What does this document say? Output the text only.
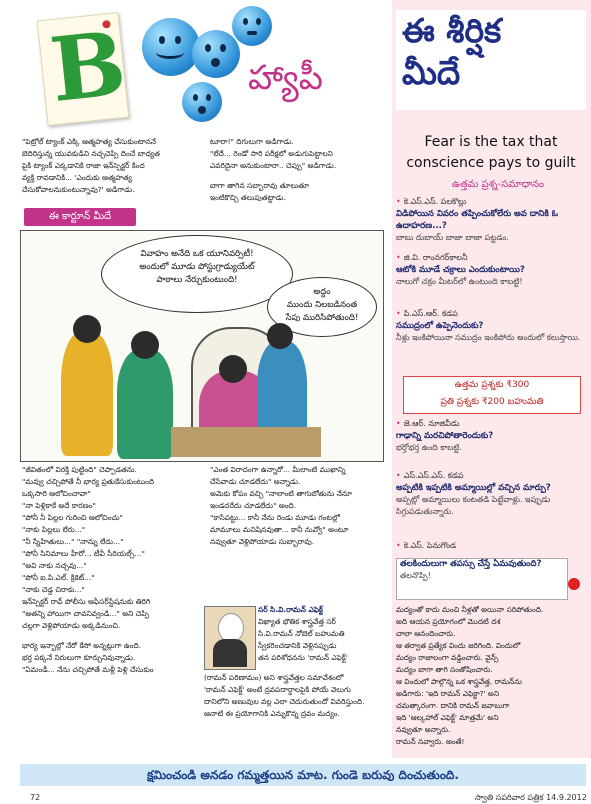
B	హ్యాపీ
ఈ శీర్షిక
మీదే
Fear is the tax that
conscience pays to guilt
ఉత్తమ ప్రశ్న-సమాధానం
• కె.ఎస్.ఎస్. పలకొల్లు
విడిపోయిన వివరం తప్పించుకోలేరు అవ దానికి ఓ ఉదాహరణ...?
బాబు దుబాయ్ బాజా బాజా పట్టడం.
• జి.వి. రాంనగర్‌కాలనీ
ఆటోకి మూడే చక్రాలు ఎందుకుంటాయి?
నాలుగో చక్రం మీటర్‌లో ఉంటుంది కాబట్టి!
• పి.ఎస్.ఆర్. కడప
సముద్రంలో ఉప్పెనెందుకు?
నీళ్లు ఇంకిపోయినా సముద్రం ఇంకిపోదు అందులో కలుస్తాయి.
ఉత్తమ ప్రశ్నకు ₹300
ప్రతి ప్రశ్నకు ₹200 బహుమతి
• జె.ఆర్. నూజివీడు
గాఢాన్ని మరచిపోతారెందుకు?
భర్తోభర్త ఉంది కాబట్టి.
• ఎస్.ఎస్.ఎస్. కడప
అప్పటికి ఇప్పటికి అమ్మాయిల్లో వచ్చిన మార్పు?
అప్పట్లో అమ్మాయిలు కంటతడి పెట్టేవాళ్లు. ఇప్పుడు సిగ్గుపడుతున్నారు.
• కె.ఎస్. పెనుగొండ
తలకిందులుగా తపస్సు చేస్తే ఏమవుతుంది?
తలనొప్పి!
"పెట్రోల్ ట్యాంక్ ఎక్కి ఆత్మహత్య చేసుకుంటాననే
బెదిరిస్తున్న యువకుడిని నచ్చచెప్పి దించే బాధ్యత
పైకి ట్యాంక్ ఎక్కడానికి రాజా ఇన్‌స్పెక్టర్ కింద
వ్యక్తి రావడానికి... 'ఎందుకు ఆత్మహత్య
చేసుకోవాలనుకుంటున్నావు?' అడిగాడు.
టూరా!" దిగులుగా అడిగాడు.
"లేదే... రెండో సారి పరీక్షలో అడుగుపెట్టాలని
ఎవరిదైనా అనుకుంటారా.. చెప్పు" అడిగాడు.
బాగా తాగిన సబ్బారావు తూలుతూ
ఇంటికొచ్చి తలుపుతట్టాడు.
ఈ కార్టూన్ మీదే
వివాహం అనేది ఒక యూనివర్సిటీ!
అందులో మూడు పోస్టుగ్రాడ్యుయేట్
పాఠాలు నేర్చుకుంటుంది!
అద్దం
ముందు నిలబడినంత
సేపు మురిసిపోతుంది!
"జీవితంలో విరక్తి పుట్టింది" చెప్పాడతను.
"మవ్వు చచ్చిపోతే నీ భార్య ప్రతుకేసుకుంటుంది
ఒక్కసారి ఆలోచించావా"
"నా పెళ్లికాకే అదే కారణం"
"పోనీ నీ పిల్లల గురించి ఆలోచించు"
"నాకు పిల్లలు లేరు..."
"నీ స్నేహితులు..." "నాన్ను లేదు..."
"పోనీ సినిమాలు హీరో... టీవీ సీరియల్స్..."
"అవి నాకు నచ్చవు..."
"పోనీ ఐ.పి.ఎల్. క్రికెట్..."
"నాకు చెడ్డ చిరాకు..."
ఇన్‌స్పెక్టర్ రావ్ పోలీసు ఆఫీసర్‌స్టేషనుకు తిరిగి
"అతన్ని హాయిగా చావనివ్వండి..." అని చెప్పి
చల్లగా వెళ్లిపోయాడు అక్కడినుంచి.
భార్య ఇన్బాల్లో నేరో కేసో అన్నట్లుగా ఉంది.
భర్త పక్కనే నిరులుగా కూర్చునివున్నాడు.
"ఏమండీ... నేను చచ్చిపోతే మళ్లీ పెళ్లి చేసుకుం
"ఎంత విరాదంగా ఉన్నారో... మీలాంటి ముఖాన్ని
చేసేవాడు చూడలేదు" అన్నాడు.
అమెకు కోపం వచ్చి "నాలాంటి తాగుబోతును నేనూ
ఇండదరేదు చూడలేదు" అంది.
"కాసేపట్టు... కానీ నేను రెండు మూడు గంటల్లో
మామూలు మనిషినవుతా... కానీ నువ్వో" అంటూ
నవ్వుతూ వెళ్లిపోయాడు సుబ్బారావు.
సర్ సి.వి.రామన్ ఎఫెక్ట్
విఖ్యాత భౌతిక శాస్త్రవేత్త సర్
సి.వి.రామన్ నోబెల్ బహుమతి
స్వీకరించడానికి వెళ్లినప్పుడు
తన పరిశోధనను 'రామన్ ఎఫెక్ట్'
(రామన్ పరిణామం) అని శాస్త్రవేత్తల సమావేశంలో
'రామన్ ఎఫెక్ట్' అంటే ద్రవపదార్థాలపైకి పోయే వెలుగు
దానిలోని అణువుల వల్ల ఎలా చెదురుతుందో వివరిస్తుంది.
ఆనాటి ఈ ప్రయోగానికి ఎన్నుకొన్న ద్రవం మద్యం.
మద్యంతో కాదు మంచి నీళ్లతో అయినా సరిపోతుంది.
అది ఆయన ప్రయోగంలో మొదటి దశ
చాలా ఆనందించారు.
ఆ తర్వాత ప్రత్యేక విందు జరిగింది. విందులో
మద్యం రాజాలంగా వడ్డించారు. వైన్స్
మద్యం బాగా తాగి సంతోషించారు.
ఆ విందులో పాల్గొన్న ఒక శాస్త్రవేత్త, రామన్‌ను
అడిగారు: 'ఇది రామన్ ఎఫెక్టా?' అని
చమత్కారంగా. దానికి రామన్ జవాబుగా
ఇది 'ఆల్కహాల్ ఎఫెక్ట్' మాత్రమే' అని
నవ్వుతూ అన్నారు.
రామన్ నవ్వారు. అంతే!
క్షమించండి అనడం గమ్మత్తయిన మాట. గుండె బరువు దించుతుంది.
72	స్వాతి సపరివార పత్రిక 14.9.2012
